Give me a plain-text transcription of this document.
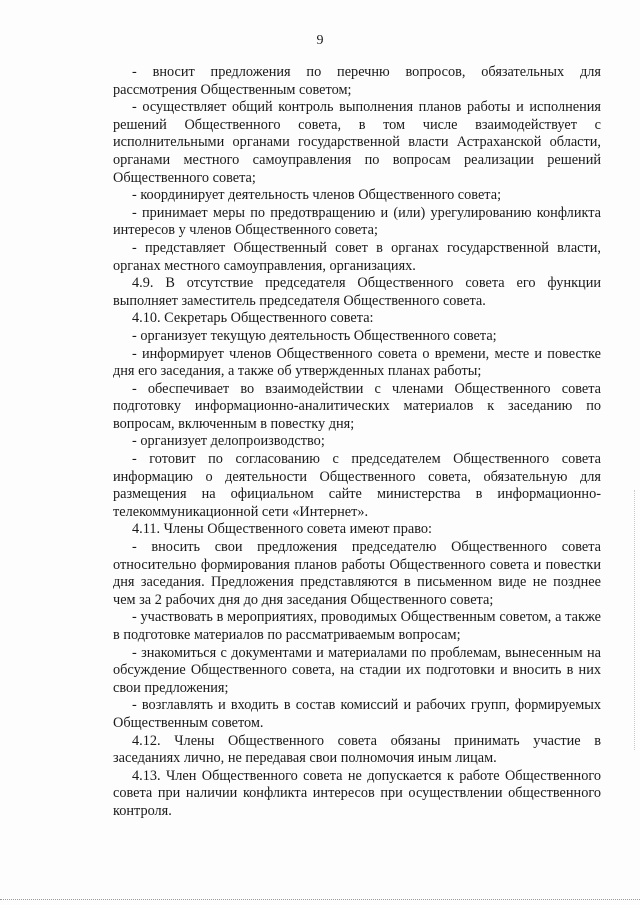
9

- вносит предложения по перечню вопросов, обязательных для рассмотрения Общественным советом;

- осуществляет общий контроль выполнения планов работы и исполнения решений Общественного совета, в том числе взаимодействует с исполнительными органами государственной власти Астраханской области, органами местного самоуправления по вопросам реализации решений Общественного совета;

- координирует деятельность членов Общественного совета;

- принимает меры по предотвращению и (или) урегулированию конфликта интересов у членов Общественного совета;

- представляет Общественный совет в органах государственной власти, органах местного самоуправления, организациях.

4.9. В отсутствие председателя Общественного совета его функции выполняет заместитель председателя Общественного совета.

4.10. Секретарь Общественного совета:

- организует текущую деятельность Общественного совета;

- информирует членов Общественного совета о времени, месте и повестке дня его заседания, а также об утвержденных планах работы;

- обеспечивает во взаимодействии с членами Общественного совета подготовку информационно-аналитических материалов к заседанию по вопросам, включенным в повестку дня;

- организует делопроизводство;

- готовит по согласованию с председателем Общественного совета информацию о деятельности Общественного совета, обязательную для размещения на официальном сайте министерства в информационно-телекоммуникационной сети «Интернет».

4.11. Члены Общественного совета имеют право:

- вносить свои предложения председателю Общественного совета относительно формирования планов работы Общественного совета и повестки дня заседания. Предложения представляются в письменном виде не позднее чем за 2 рабочих дня до дня заседания Общественного совета;

- участвовать в мероприятиях, проводимых Общественным советом, а также в подготовке материалов по рассматриваемым вопросам;

- знакомиться с документами и материалами по проблемам, вынесенным на обсуждение Общественного совета, на стадии их подготовки и вносить в них свои предложения;

- возглавлять и входить в состав комиссий и рабочих групп, формируемых Общественным советом.

4.12. Члены Общественного совета обязаны принимать участие в заседаниях лично, не передавая свои полномочия иным лицам.

4.13. Член Общественного совета не допускается к работе Общественного совета при наличии конфликта интересов при осуществлении общественного контроля.
